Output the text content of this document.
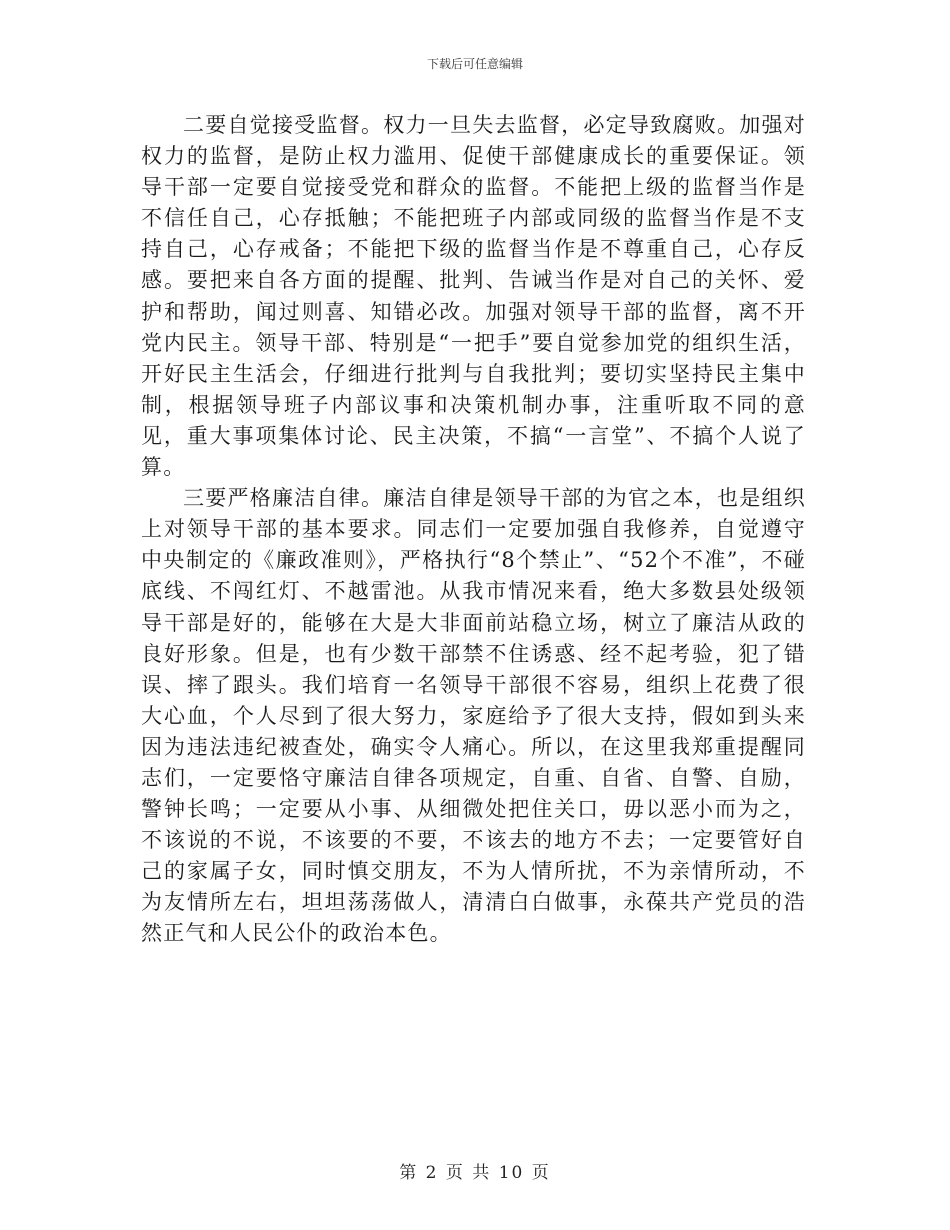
下载后可任意编辑

二要自觉接受监督。权力一旦失去监督，必定导致腐败。加强对权力的监督，是防止权力滥用、促使干部健康成长的重要保证。领导干部一定要自觉接受党和群众的监督。不能把上级的监督当作是不信任自己，心存抵触；不能把班子内部或同级的监督当作是不支持自己，心存戒备；不能把下级的监督当作是不尊重自己，心存反感。要把来自各方面的提醒、批判、告诫当作是对自己的关怀、爱护和帮助，闻过则喜、知错必改。加强对领导干部的监督，离不开党内民主。领导干部、特别是“一把手”要自觉参加党的组织生活，开好民主生活会，仔细进行批判与自我批判；要切实坚持民主集中制，根据领导班子内部议事和决策机制办事，注重听取不同的意见，重大事项集体讨论、民主决策，不搞“一言堂”、不搞个人说了算。

三要严格廉洁自律。廉洁自律是领导干部的为官之本，也是组织上对领导干部的基本要求。同志们一定要加强自我修养，自觉遵守中央制定的《廉政准则》，严格执行“8个禁止”、“52个不准”，不碰底线、不闯红灯、不越雷池。从我市情况来看，绝大多数县处级领导干部是好的，能够在大是大非面前站稳立场，树立了廉洁从政的良好形象。但是，也有少数干部禁不住诱惑、经不起考验，犯了错误、摔了跟头。我们培育一名领导干部很不容易，组织上花费了很大心血，个人尽到了很大努力，家庭给予了很大支持，假如到头来因为违法违纪被查处，确实令人痛心。所以，在这里我郑重提醒同志们，一定要恪守廉洁自律各项规定，自重、自省、自警、自励，警钟长鸣；一定要从小事、从细微处把住关口，毋以恶小而为之，不该说的不说，不该要的不要，不该去的地方不去；一定要管好自己的家属子女，同时慎交朋友，不为人情所扰，不为亲情所动，不为友情所左右，坦坦荡荡做人，清清白白做事，永葆共产党员的浩然正气和人民公仆的政治本色。

第 2 页 共 10 页
